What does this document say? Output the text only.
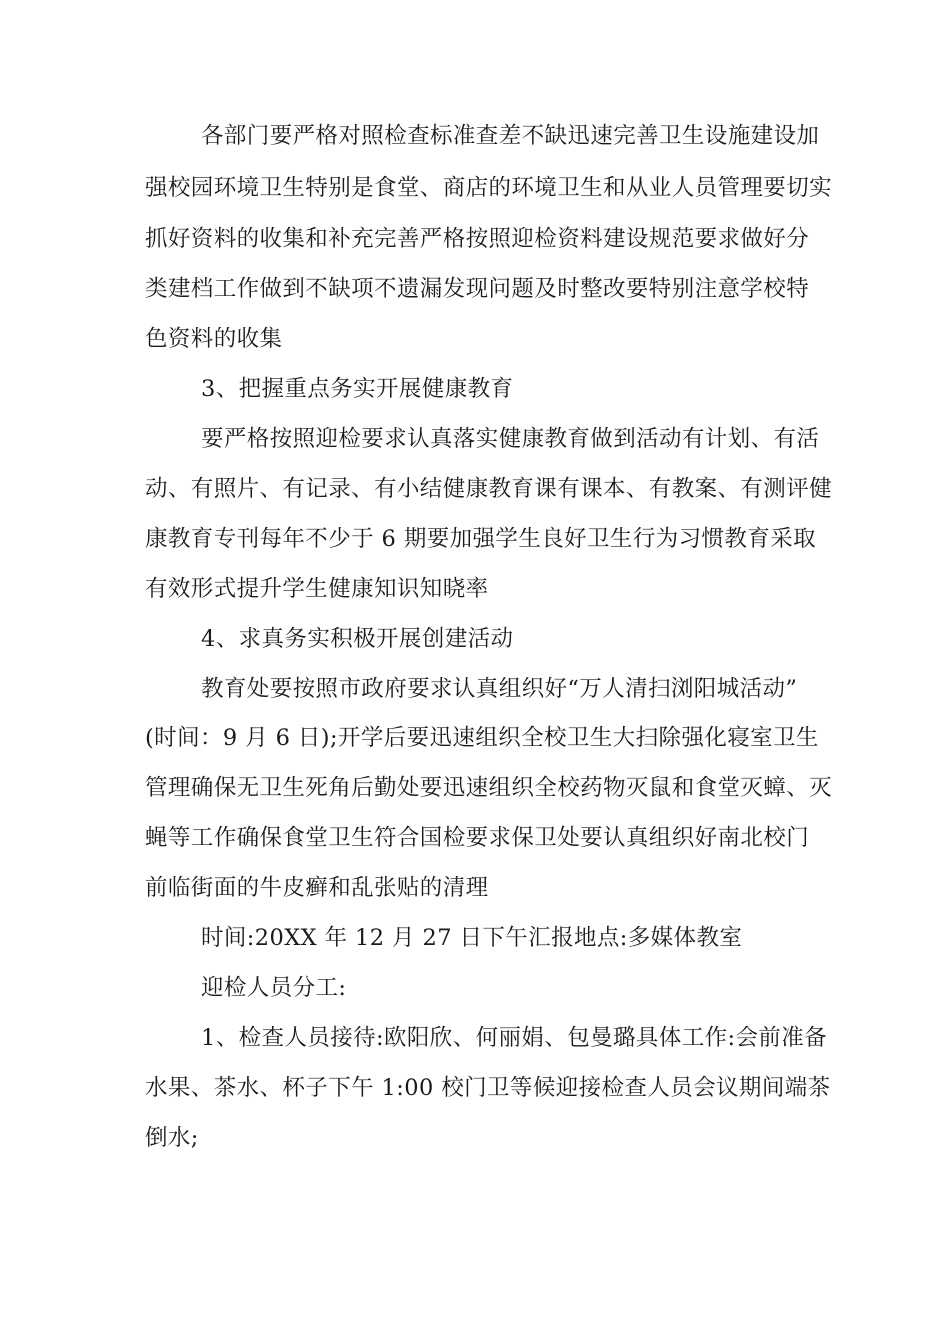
各部门要严格对照检查标准查差不缺迅速完善卫生设施建设加
强校园环境卫生特别是食堂、商店的环境卫生和从业人员管理要切实
抓好资料的收集和补充完善严格按照迎检资料建设规范要求做好分
类建档工作做到不缺项不遗漏发现问题及时整改要特别注意学校特
色资料的收集
3、把握重点务实开展健康教育
要严格按照迎检要求认真落实健康教育做到活动有计划、有活
动、有照片、有记录、有小结健康教育课有课本、有教案、有测评健
康教育专刊每年不少于 6 期要加强学生良好卫生行为习惯教育采取
有效形式提升学生健康知识知晓率
4、求真务实积极开展创建活动
教育处要按照市政府要求认真组织好“万人清扫浏阳城活动”
(时间：9 月 6 日);开学后要迅速组织全校卫生大扫除强化寝室卫生
管理确保无卫生死角后勤处要迅速组织全校药物灭鼠和食堂灭蟑、灭
蝇等工作确保食堂卫生符合国检要求保卫处要认真组织好南北校门
前临街面的牛皮癣和乱张贴的清理
时间:20XX 年 12 月 27 日下午汇报地点:多媒体教室
迎检人员分工:
1、检查人员接待:欧阳欣、何丽娟、包曼璐具体工作:会前准备
水果、茶水、杯子下午 1:00 校门卫等候迎接检查人员会议期间端茶
倒水;
